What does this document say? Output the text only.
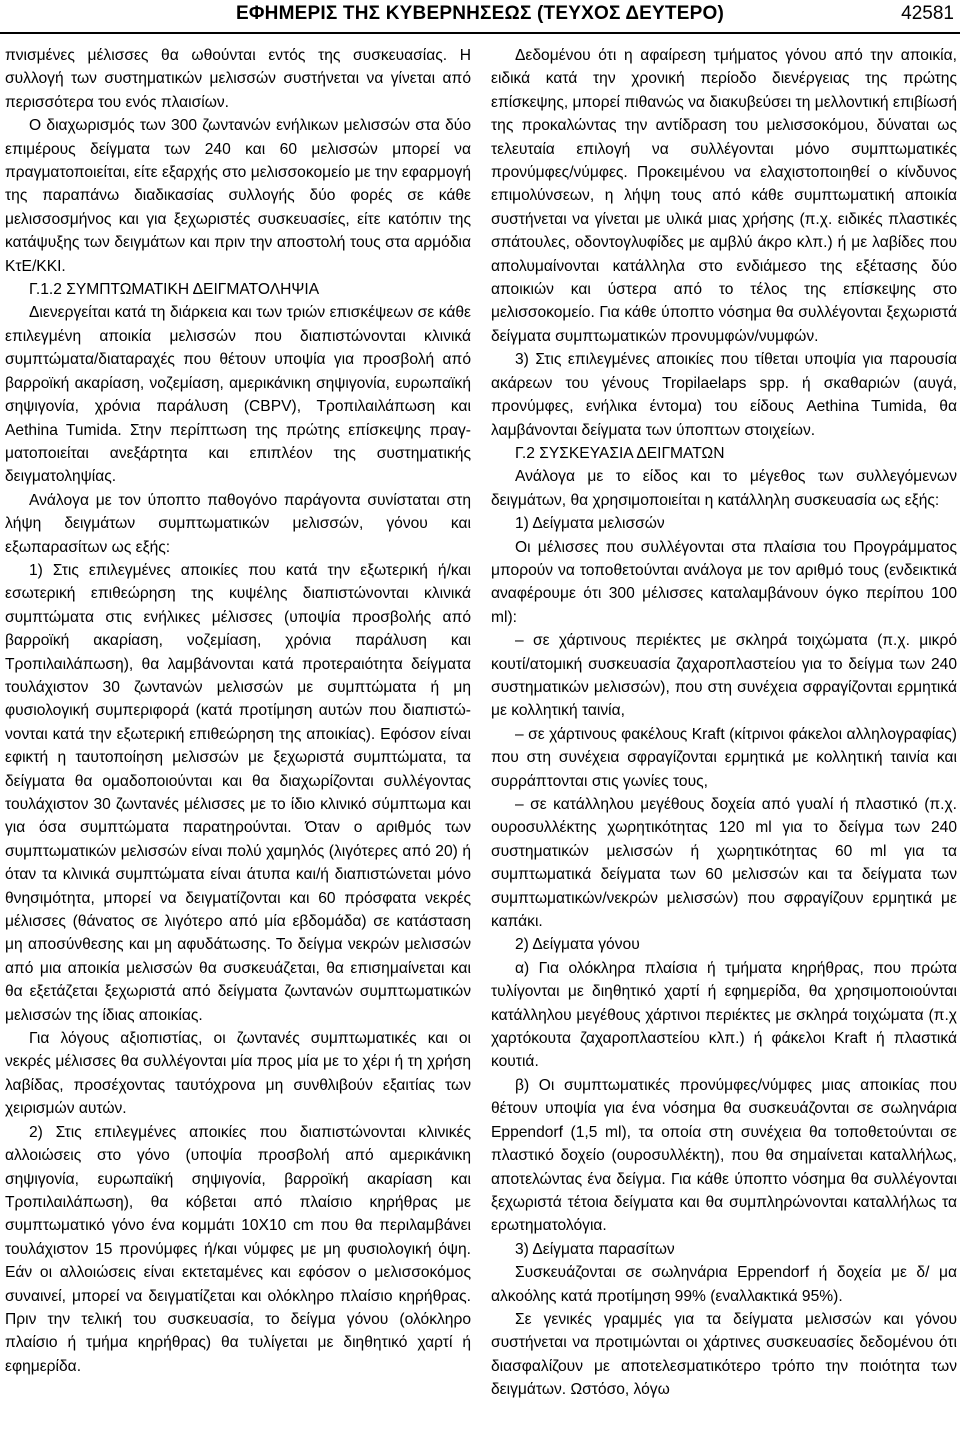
ΕΦΗΜΕΡΙΣ ΤΗΣ ΚΥΒΕΡΝΗΣΕΩΣ (ΤΕΥΧΟΣ ΔΕΥΤΕΡΟ)	42581

πνισμένες μέλισσες θα ωθούνται εντός της συσκευασίας. Η συλλογή των συστηματικών μελισσών συστήνεται να γίνεται από περισσότερα του ενός πλαισίων.

Ο διαχωρισμός των 300 ζωντανών ενήλικων μελισσών στα δύο επιμέρους δείγματα των 240 και 60 μελισσών μπορεί να πραγματοποιείται, είτε εξαρχής στο μελισσοκομείο με την εφαρμογή της παραπάνω διαδικασίας συλλογής δύο φορές σε κάθε μελισσοσμήνος και για ξεχωριστές συσκευασίες, είτε κατόπιν της κατάψυξης των δειγμάτων και πριν την αποστολή τους στα αρμόδια ΚτΕ/ΚΚΙ.

Γ.1.2 ΣΥΜΠΤΩΜΑΤΙΚΗ ΔΕΙΓΜΑΤΟΛΗΨΙΑ

Διενεργείται κατά τη διάρκεια και των τριών επισκέψεων σε κάθε επιλεγμένη αποικία μελισσών που διαπιστώνονται κλινικά συμπτώματα/διαταραχές που θέτουν υποψία για προσβολή από βαρροϊκή ακαρίαση, νοζεμίαση, αμερικάνικη σηψιγονία, ευρωπαϊκή σηψιγονία, χρόνια παράλυση (CBPV), Τροπιλαιλάπωση και Aethina Tumida. Στην περίπτωση της πρώτης επίσκεψης πραγματοποιείται ανεξάρτητα και επιπλέον της συστηματικής δειγματοληψίας.

Ανάλογα με τον ύποπτο παθογόνο παράγοντα συνίσταται στη λήψη δειγμάτων συμπτωματικών μελισσών, γόνου και εξωπαρασίτων ως εξής:

1) Στις επιλεγμένες αποικίες που κατά την εξωτερική ή/και εσωτερική επιθεώρηση της κυψέλης διαπιστώνονται κλινικά συμπτώματα στις ενήλικες μέλισσες (υποψία προσβολής από βαρροϊκή ακαρίαση, νοζεμίαση, χρόνια παράλυση και Τροπιλαιλάπωση), θα λαμβάνονται κατά προτεραιότητα δείγματα τουλάχιστον 30 ζωντανών μελισσών με συμπτώματα ή μη φυσιολογική συμπεριφορά (κατά προτίμηση αυτών που διαπιστώνονται κατά την εξωτερική επιθεώρηση της αποικίας). Εφόσον είναι εφικτή η ταυτοποίηση μελισσών με ξεχωριστά συμπτώματα, τα δείγματα θα ομαδοποιούνται και θα διαχωρίζονται συλλέγοντας τουλάχιστον 30 ζωντανές μέλισσες με το ίδιο κλινικό σύμπτωμα και για όσα συμπτώματα παρατηρούνται. Όταν ο αριθμός των συμπτωματικών μελισσών είναι πολύ χαμηλός (λιγότερες από 20) ή όταν τα κλινικά συμπτώματα είναι άτυπα και/ή διαπιστώνεται μόνο θνησιμότητα, μπορεί να δειγματίζονται και 60 πρόσφατα νεκρές μέλισσες (θάνατος σε λιγότερο από μία εβδομάδα) σε κατάσταση μη αποσύνθεσης και μη αφυδάτωσης. Το δείγμα νεκρών μελισσών από μια αποικία μελισσών θα συσκευάζεται, θα επισημαίνεται και θα εξετάζεται ξεχωριστά από δείγματα ζωντανών συμπτωματικών μελισσών της ίδιας αποικίας.

Για λόγους αξιοπιστίας, οι ζωντανές συμπτωματικές και οι νεκρές μέλισσες θα συλλέγονται μία προς μία με το χέρι ή τη χρήση λαβίδας, προσέχοντας ταυτόχρονα μη συνθλιβούν εξαιτίας των χειρισμών αυτών.

2) Στις επιλεγμένες αποικίες που διαπιστώνονται κλινικές αλλοιώσεις στο γόνο (υποψία προσβολή από αμερικάνικη σηψιγονία, ευρωπαϊκή σηψιγονία, βαρροϊκή ακαρίαση και Τροπιλαιλάπωση), θα κόβεται από πλαίσιο κηρήθρας με συμπτωματικό γόνο ένα κομμάτι 10Χ10 cm που θα περιλαμβάνει τουλάχιστον 15 προνύμφες ή/και νύμφες με μη φυσιολογική όψη. Εάν οι αλλοιώσεις είναι εκτεταμένες και εφόσον ο μελισσοκόμος συναινεί, μπορεί να δειγματίζεται και ολόκληρο πλαίσιο κηρήθρας. Πριν την τελική του συσκευασία, το δείγμα γόνου (ολόκληρο πλαίσιο ή τμήμα κηρήθρας) θα τυλίγεται με διηθητικό χαρτί ή εφημερίδα.

Δεδομένου ότι η αφαίρεση τμήματος γόνου από την αποικία, ειδικά κατά την χρονική περίοδο διενέργειας της πρώτης επίσκεψης, μπορεί πιθανώς να διακυβεύσει τη μελλοντική επιβίωσή της προκαλώντας την αντίδραση του μελισσοκόμου, δύναται ως τελευταία επιλογή να συλλέγονται μόνο συμπτωματικές προνύμφες/νύμφες. Προκειμένου να ελαχιστοποιηθεί ο κίνδυνος επιμολύνσεων, η λήψη τους από κάθε συμπτωματική αποικία συστήνεται να γίνεται με υλικά μιας χρήσης (π.χ. ειδικές πλαστικές σπάτουλες, οδοντογλυφίδες με αμβλύ άκρο κλπ.) ή με λαβίδες που απολυμαίνονται κατάλληλα στο ενδιάμεσο της εξέτασης δύο αποικιών και ύστερα από το τέλος της επίσκεψης στο μελισσοκομείο. Για κάθε ύποπτο νόσημα θα συλλέγονται ξεχωριστά δείγματα συμπτωματικών προνυμφών/νυμφών.

3) Στις επιλεγμένες αποικίες που τίθεται υποψία για παρουσία ακάρεων του γένους Tropilaelaps spp. ή σκαθαριών (αυγά, προνύμφες, ενήλικα έντομα) του είδους Aethina Tumida, θα λαμβάνονται δείγματα των ύποπτων στοιχείων.

Γ.2 ΣΥΣΚΕΥΑΣΙΑ ΔΕΙΓΜΑΤΩΝ

Ανάλογα με το είδος και το μέγεθος των συλλεγόμενων δειγμάτων, θα χρησιμοποιείται η κατάλληλη συσκευασία ως εξής:

1) Δείγματα μελισσών

Οι μέλισσες που συλλέγονται στα πλαίσια του Προγράμματος μπορούν να τοποθετούνται ανάλογα με τον αριθμό τους (ενδεικτικά αναφέρουμε ότι 300 μέλισσες καταλαμβάνουν όγκο περίπου 100 ml):

– σε χάρτινους περιέκτες με σκληρά τοιχώματα (π.χ. μικρό κουτί/ατομική συσκευασία ζαχαροπλαστείου για το δείγμα των 240 συστηματικών μελισσών), που στη συνέχεια σφραγίζονται ερμητικά με κολλητική ταινία,

– σε χάρτινους φακέλους Kraft (κίτρινοι φάκελοι αλληλογραφίας) που στη συνέχεια σφραγίζονται ερμητικά με κολλητική ταινία και συρράπτονται στις γωνίες τους,

– σε κατάλληλου μεγέθους δοχεία από γυαλί ή πλαστικό (π.χ. ουροσυλλέκτης χωρητικότητας 120 ml για το δείγμα των 240 συστηματικών μελισσών ή χωρητικότητας 60 ml για τα συμπτωματικά δείγματα των 60 μελισσών και τα δείγματα των συμπτωματικών/νεκρών μελισσών) που σφραγίζουν ερμητικά με καπάκι.

2) Δείγματα γόνου

α) Για ολόκληρα πλαίσια ή τμήματα κηρήθρας, που πρώτα τυλίγονται με διηθητικό χαρτί ή εφημερίδα, θα χρησιμοποιούνται κατάλληλου μεγέθους χάρτινοι περιέκτες με σκληρά τοιχώματα (π.χ χαρτόκουτα ζαχαροπλαστείου κλπ.) ή φάκελοι Kraft ή πλαστικά κουτιά.

β) Οι συμπτωματικές προνύμφες/νύμφες μιας αποικίας που θέτουν υποψία για ένα νόσημα θα συσκευάζονται σε σωληνάρια Eppendorf (1,5 ml), τα οποία στη συνέχεια θα τοποθετούνται σε πλαστικό δοχείο (ουροσυλλέκτη), που θα σημαίνεται καταλλήλως, αποτελώντας ένα δείγμα. Για κάθε ύποπτο νόσημα θα συλλέγονται ξεχωριστά τέτοια δείγματα και θα συμπληρώνονται καταλλήλως τα ερωτηματολόγια.

3) Δείγματα παρασίτων

Συσκευάζονται σε σωληνάρια Eppendorf ή δοχεία με δ/ μα αλκοόλης κατά προτίμηση 99% (εναλλακτικά 95%).

Σε γενικές γραμμές για τα δείγματα μελισσών και γόνου συστήνεται να προτιμώνται οι χάρτινες συσκευασίες δεδομένου ότι διασφαλίζουν με αποτελεσματικότερο τρόπο την ποιότητα των δειγμάτων. Ωστόσο, λόγω
